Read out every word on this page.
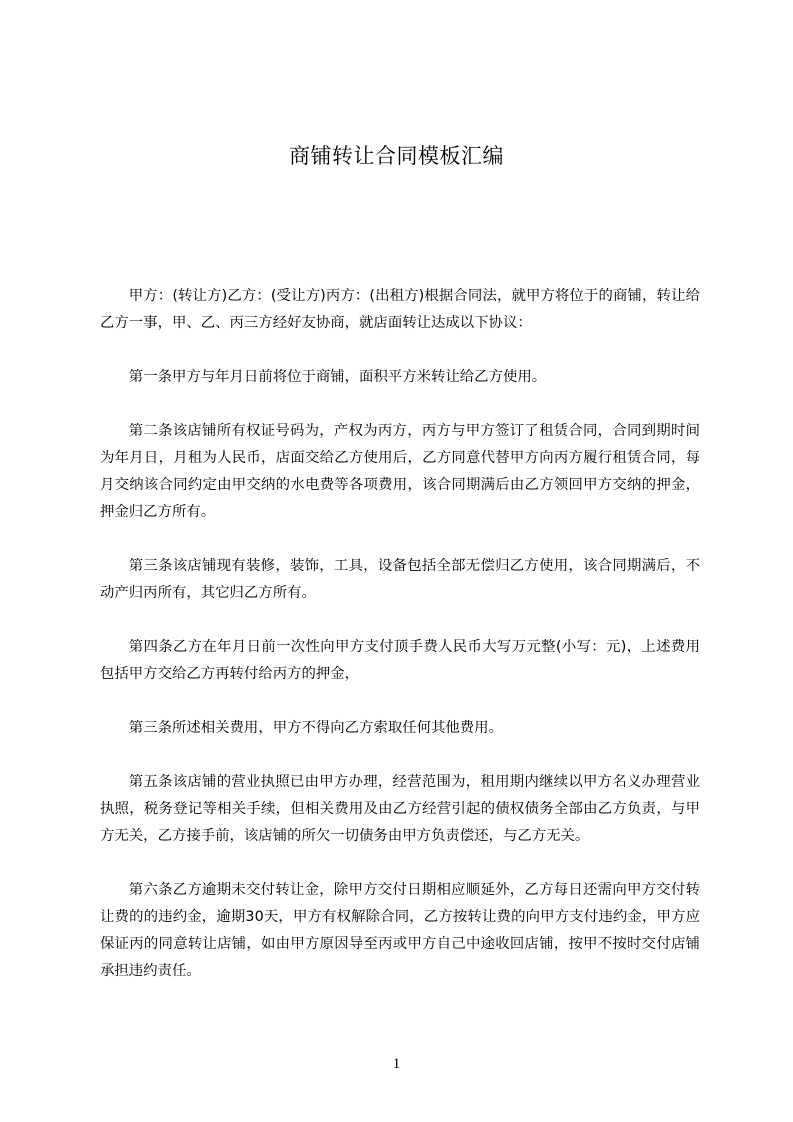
商铺转让合同模板汇编

甲方：(转让方)乙方：(受让方)丙方：(出租方)根据合同法，就甲方将位于的商铺，转让给乙方一事，甲、乙、丙三方经好友协商，就店面转让达成以下协议：

第一条甲方与年月日前将位于商铺，面积平方米转让给乙方使用。

第二条该店铺所有权证号码为，产权为丙方，丙方与甲方签订了租赁合同，合同到期时间为年月日，月租为人民币，店面交给乙方使用后，乙方同意代替甲方向丙方履行租赁合同，每月交纳该合同约定由甲交纳的水电费等各项费用，该合同期满后由乙方领回甲方交纳的押金，押金归乙方所有。

第三条该店铺现有装修，装饰，工具，设备包括全部无偿归乙方使用，该合同期满后，不动产归丙所有，其它归乙方所有。

第四条乙方在年月日前一次性向甲方支付顶手费人民币大写万元整(小写：元)，上述费用包括甲方交给乙方再转付给丙方的押金，

第三条所述相关费用，甲方不得向乙方索取任何其他费用。

第五条该店铺的营业执照已由甲方办理，经营范围为，租用期内继续以甲方名义办理营业执照，税务登记等相关手续，但相关费用及由乙方经营引起的债权债务全部由乙方负责，与甲方无关，乙方接手前，该店铺的所欠一切债务由甲方负责偿还，与乙方无关。

第六条乙方逾期未交付转让金，除甲方交付日期相应顺延外，乙方每日还需向甲方交付转让费的的违约金，逾期30天，甲方有权解除合同，乙方按转让费的向甲方支付违约金，甲方应保证丙的同意转让店铺，如由甲方原因导至丙或甲方自己中途收回店铺，按甲不按时交付店铺承担违约责任。

1
